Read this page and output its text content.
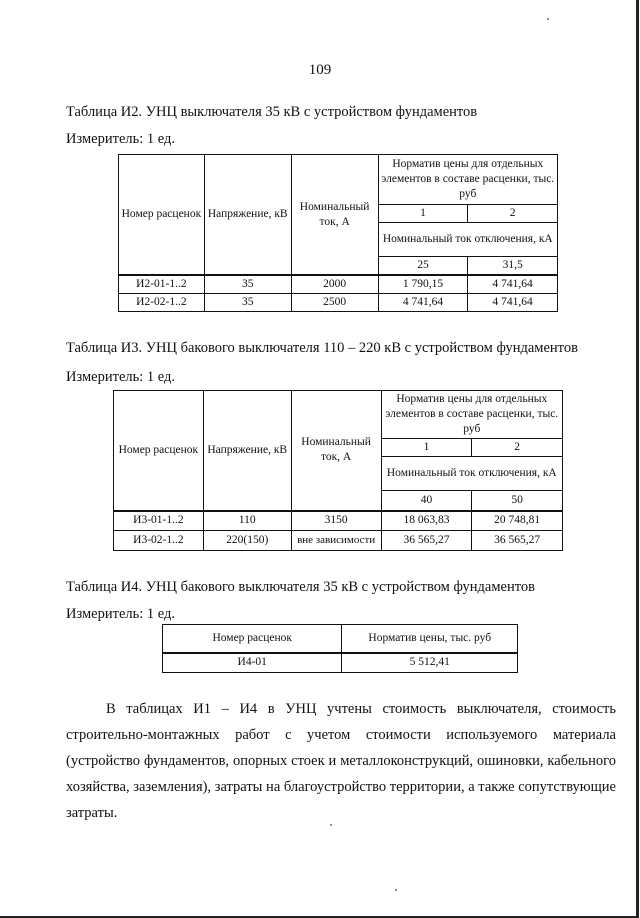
109
Таблица И2. УНЦ выключателя 35 кВ с устройством фундаментов
Измеритель: 1 ед.
Номер расценок	Напряжение, кВ	Номинальный ток, А	Норматив цены для отдельных элементов в составе расценки, тыс. руб	
			1	2
			Номинальный ток отключения, кА	
			25	31,5
И2-01-1..2	35	2000	1 790,15	4 741,64
И2-02-1..2	35	2500	4 741,64	4 741,64
Таблица И3. УНЦ бакового выключателя 110 – 220 кВ с устройством фундаментов
Измеритель: 1 ед.
Номер расценок	Напряжение, кВ	Номинальный ток, А	Норматив цены для отдельных элементов в составе расценки, тыс. руб	
			1	2
			Номинальный ток отключения, кА	
			40	50
И3-01-1..2	110	3150	18 063,83	20 748,81
И3-02-1..2	220(150)	вне зависимости	36 565,27	36 565,27
Таблица И4. УНЦ бакового выключателя 35 кВ с устройством фундаментов
Измеритель: 1 ед.
Номер расценок	Норматив цены, тыс. руб
И4-01	5 512,41

В таблицах И1 – И4 в УНЦ учтены стоимость выключателя, стоимость строительно-монтажных работ с учетом стоимости используемого материала (устройство фундаментов, опорных стоек и металлоконструкций, ошиновки, кабельного хозяйства, заземления), затраты на благоустройство территории, а также сопутствующие затраты.
